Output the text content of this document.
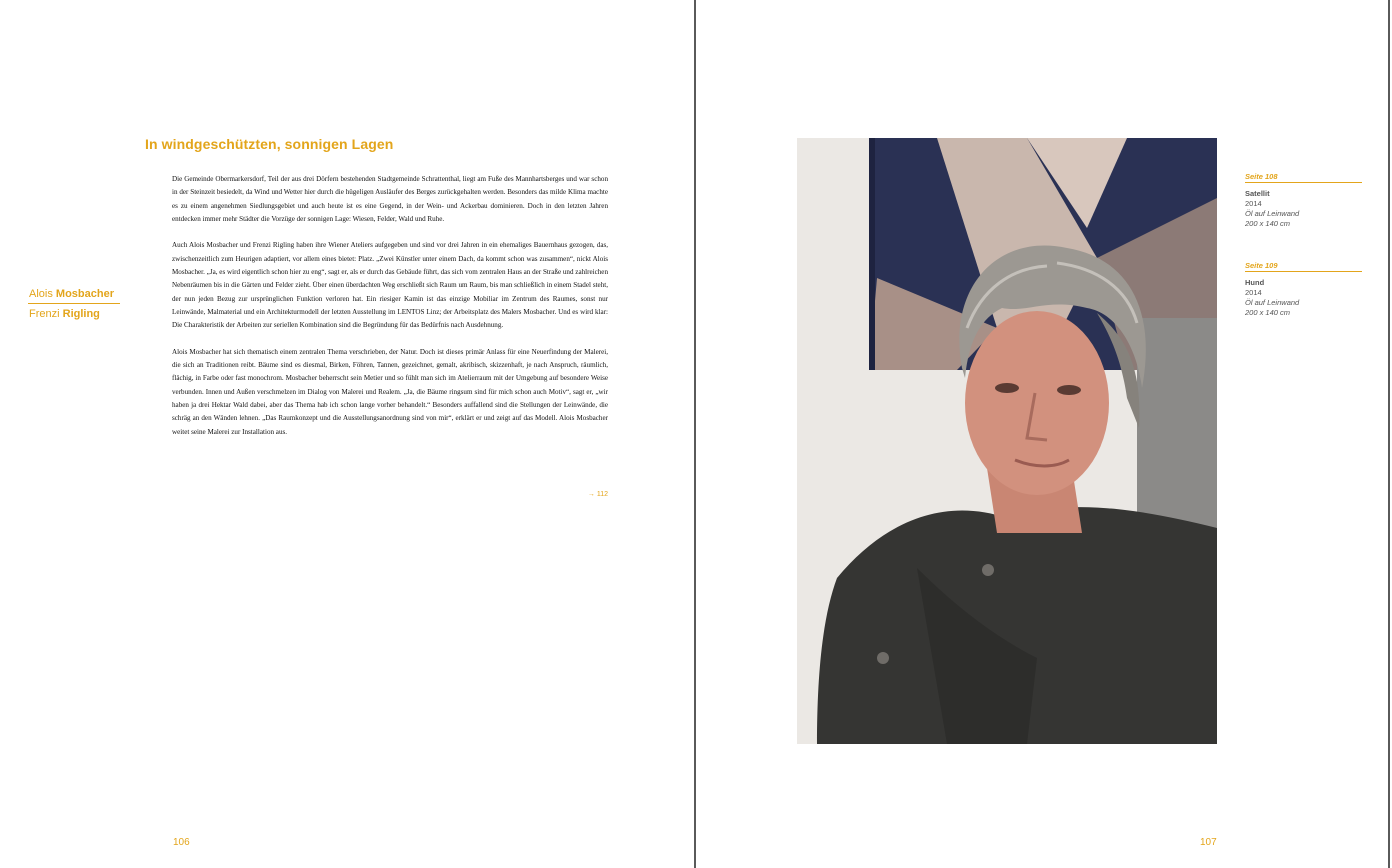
In windgeschützten, sonnigen Lagen
Alois Mosbacher
Frenzi Rigling

Die Gemeinde Obermarkersdorf, Teil der aus drei Dörfern bestehenden Stadtgemeinde Schrattenthal, liegt am Fuße des Mannhartsberges und war schon in der Steinzeit besiedelt, da Wind und Wetter hier durch die hügeligen Ausläufer des Berges zurückgehalten werden. Besonders das milde Klima machte es zu einem angenehmen Siedlungsgebiet und auch heute ist es eine Gegend, in der Wein- und Ackerbau dominieren. Doch in den letzten Jahren entdecken immer mehr Städter die Vorzüge der sonnigen Lage: Wiesen, Felder, Wald und Ruhe.

Auch Alois Mosbacher und Frenzi Rigling haben ihre Wiener Ateliers aufgegeben und sind vor drei Jahren in ein ehemaliges Bauernhaus gezogen, das, zwischenzeitlich zum Heurigen adaptiert, vor allem eines bietet: Platz. „Zwei Künstler unter einem Dach, da kommt schon was zusammen“, nickt Alois Mosbacher. „Ja, es wird eigentlich schon hier zu eng“, sagt er, als er durch das Gebäude führt, das sich vom zentralen Haus an der Straße und zahlreichen Nebenräumen bis in die Gärten und Felder zieht. Über einen überdachten Weg erschließt sich Raum um Raum, bis man schließlich in einem Stadel steht, der nun jeden Bezug zur ursprünglichen Funktion verloren hat. Ein riesiger Kamin ist das einzige Mobiliar im Zentrum des Raumes, sonst nur Leinwände, Malmaterial und ein Architekturmodell der letzten Ausstellung im LENTOS Linz; der Arbeitsplatz des Malers Mosbacher. Und es wird klar: Die Charakteristik der Arbeiten zur seriellen Kombination sind die Begründung für das Bedürfnis nach Ausdehnung.

Alois Mosbacher hat sich thematisch einem zentralen Thema verschrieben, der Natur. Doch ist dieses primär Anlass für eine Neuerfindung der Malerei, die sich an Traditionen reibt. Bäume sind es diesmal, Birken, Föhren, Tannen, gezeichnet, gemalt, akribisch, skizzenhaft, je nach Anspruch, räumlich, flächig, in Farbe oder fast monochrom. Mosbacher beherrscht sein Metier und so fühlt man sich im Atelierraum mit der Umgebung auf besondere Weise verbunden. Innen und Außen verschmelzen im Dialog von Malerei und Realem. „Ja, die Bäume ringsum sind für mich schon auch Motiv“, sagt er, „wir haben ja drei Hektar Wald dabei, aber das Thema hab ich schon lange vorher behandelt.“ Besonders auffallend sind die Stellungen der Leinwände, die schräg an den Wänden lehnen. „Das Raumkonzept und die Ausstellungsanordnung sind von mir“, erklärt er und zeigt auf das Modell. Alois Mosbacher weitet seine Malerei zur Installation aus.

→ 112
106
Seite 108
Satellit
2014
Öl auf Leinwand
200 x 140 cm
Seite 109
Hund
2014
Öl auf Leinwand
200 x 140 cm
107
